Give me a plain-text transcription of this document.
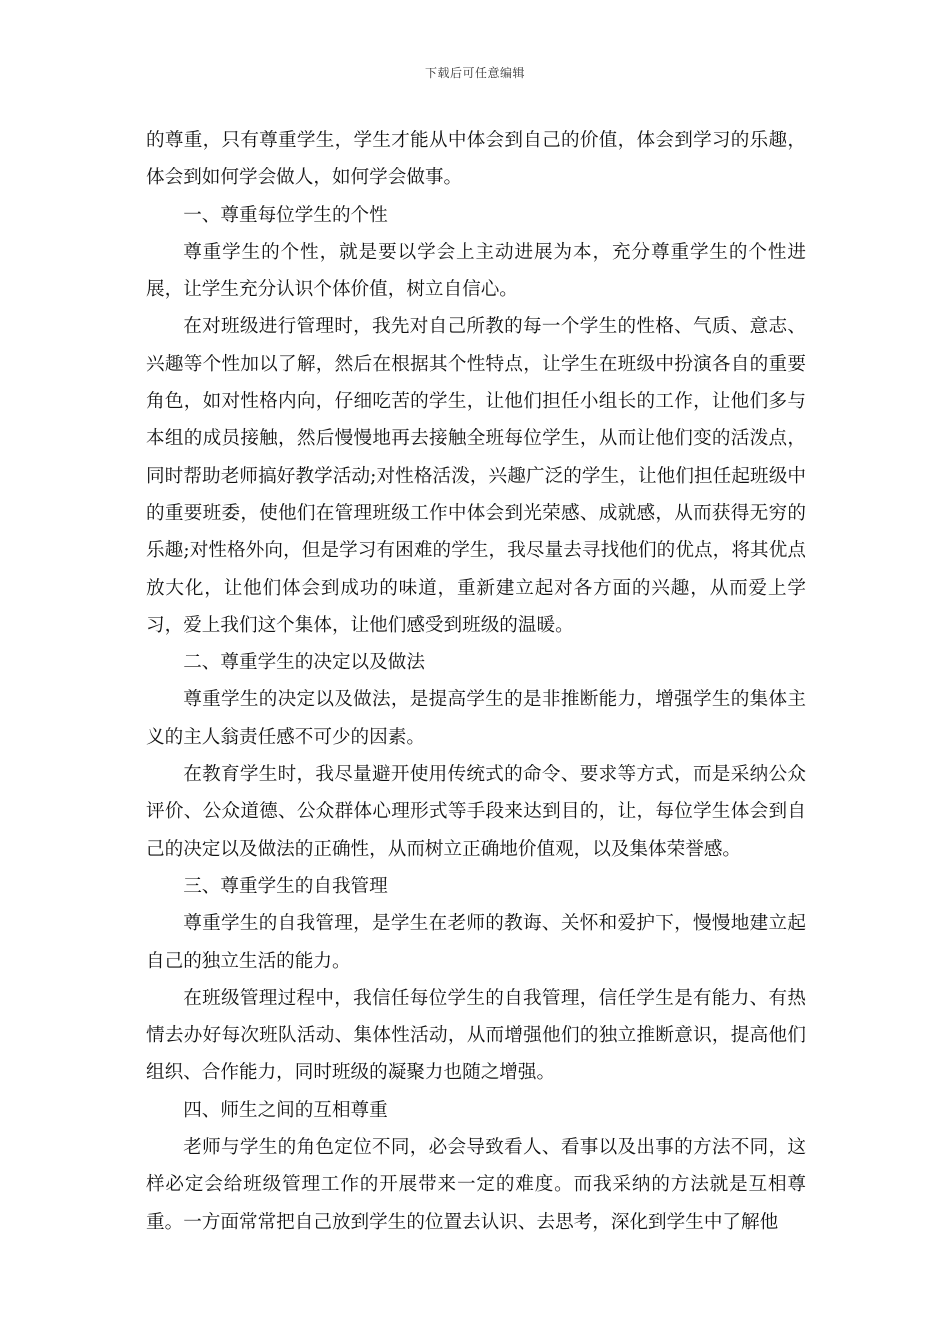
下载后可任意编辑

的尊重，只有尊重学生，学生才能从中体会到自己的价值，体会到学习的乐趣，体会到如何学会做人，如何学会做事。

一、尊重每位学生的个性

尊重学生的个性，就是要以学会上主动进展为本，充分尊重学生的个性进展，让学生充分认识个体价值，树立自信心。

在对班级进行管理时，我先对自己所教的每一个学生的性格、气质、意志、兴趣等个性加以了解，然后在根据其个性特点，让学生在班级中扮演各自的重要角色，如对性格内向，仔细吃苦的学生，让他们担任小组长的工作，让他们多与本组的成员接触，然后慢慢地再去接触全班每位学生，从而让他们变的活泼点，同时帮助老师搞好教学活动;对性格活泼，兴趣广泛的学生，让他们担任起班级中的重要班委，使他们在管理班级工作中体会到光荣感、成就感，从而获得无穷的乐趣;对性格外向，但是学习有困难的学生，我尽量去寻找他们的优点，将其优点放大化，让他们体会到成功的味道，重新建立起对各方面的兴趣，从而爱上学习，爱上我们这个集体，让他们感受到班级的温暖。

二、尊重学生的决定以及做法

尊重学生的决定以及做法，是提高学生的是非推断能力，增强学生的集体主义的主人翁责任感不可少的因素。

在教育学生时，我尽量避开使用传统式的命令、要求等方式，而是采纳公众评价、公众道德、公众群体心理形式等手段来达到目的，让，每位学生体会到自己的决定以及做法的正确性，从而树立正确地价值观，以及集体荣誉感。

三、尊重学生的自我管理

尊重学生的自我管理，是学生在老师的教诲、关怀和爱护下，慢慢地建立起自己的独立生活的能力。

在班级管理过程中，我信任每位学生的自我管理，信任学生是有能力、有热情去办好每次班队活动、集体性活动，从而增强他们的独立推断意识，提高他们组织、合作能力，同时班级的凝聚力也随之增强。

四、师生之间的互相尊重

老师与学生的角色定位不同，必会导致看人、看事以及出事的方法不同，这样必定会给班级管理工作的开展带来一定的难度。而我采纳的方法就是互相尊重。一方面常常把自己放到学生的位置去认识、去思考，深化到学生中了解他
